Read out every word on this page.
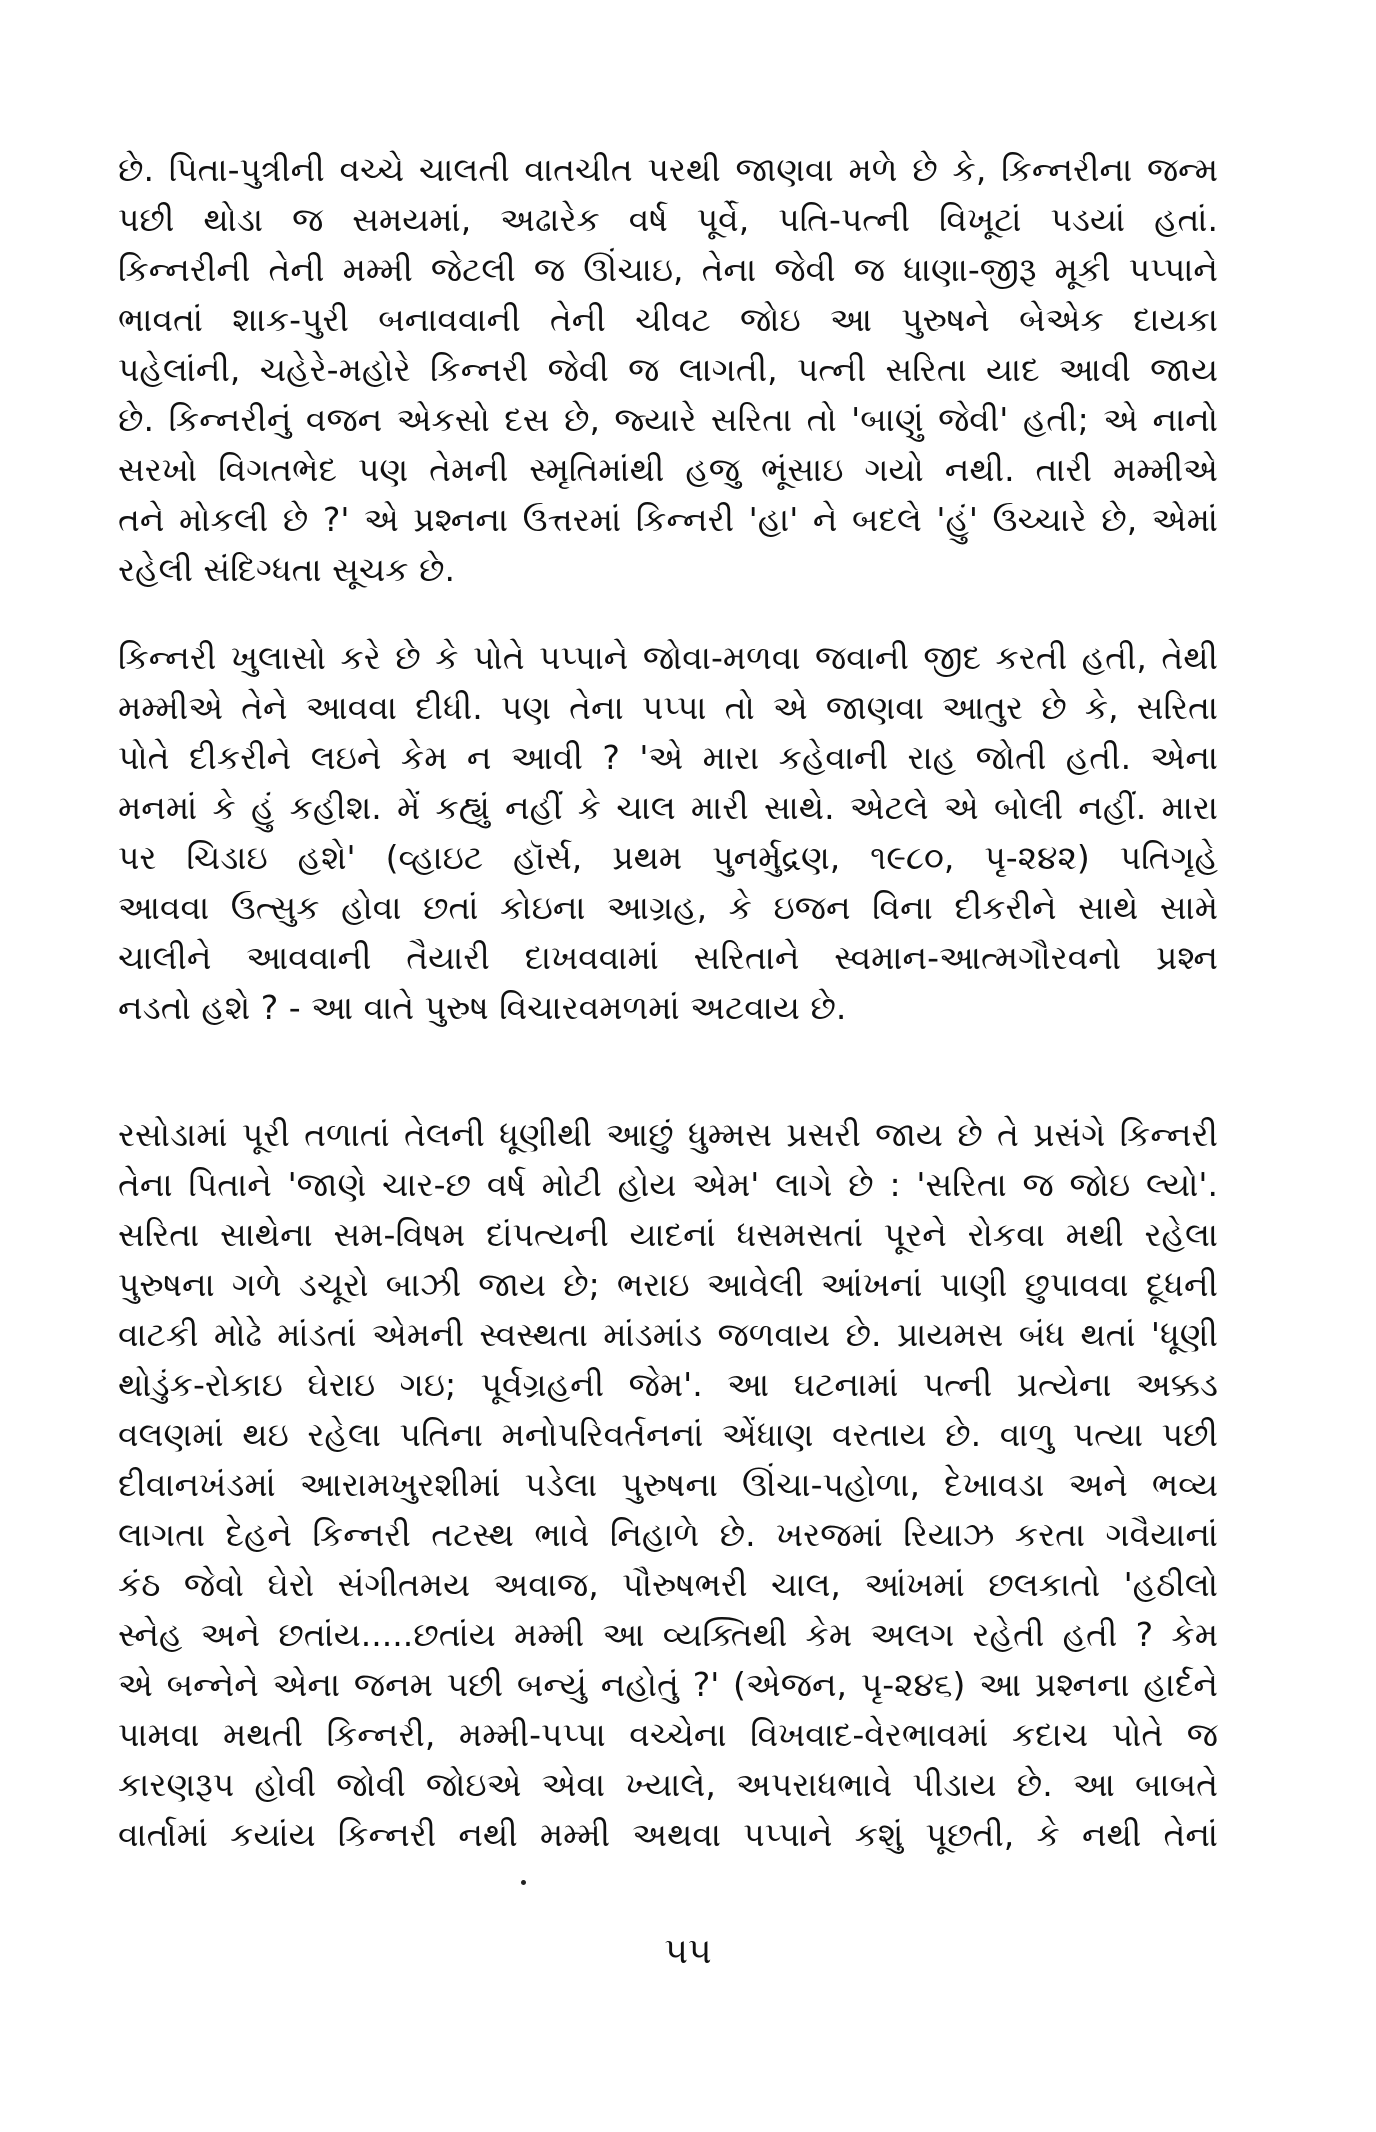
છે. પિતા-પુત્રીની વચ્ચે ચાલતી વાતચીત પરથી જાણવા મળે છે કે, કિન્નરીના જન્મ
પછી થોડા જ સમયમાં, અઢારેક વર્ષ પૂર્વે, પતિ-પત્ની વિખૂટાં પડયાં હતાં.
કિન્નરીની તેની મમ્મી જેટલી જ ઊંચાઇ, તેના જેવી જ ધાણા-જીરૂ મૂકી પપ્પાને
ભાવતાં શાક-પુરી બનાવવાની તેની ચીવટ જોઇ આ પુરુષને બેએક દાયકા
પહેલાંની, ચહેરે-મહોરે કિન્નરી જેવી જ લાગતી, પત્ની સરિતા યાદ આવી જાય
છે. કિન્નરીનું વજન એકસો દસ છે, જ્યારે સરિતા તો 'બાણું જેવી' હતી; એ નાનો
સરખો વિગતભેદ પણ તેમની સ્મૃતિમાંથી હજુ ભૂંસાઇ ગયો નથી. તારી મમ્મીએ
તને મોકલી છે ?' એ પ્રશ્નના ઉત્તરમાં કિન્નરી 'હા' ને બદલે 'હું' ઉચ્ચારે છે, એમાં
રહેલી સંદિગ્ધતા સૂચક છે.
કિન્નરી ખુલાસો કરે છે કે પોતે પપ્પાને જોવા-મળવા જવાની જીદ કરતી હતી, તેથી
મમ્મીએ તેને આવવા દીધી. પણ તેના પપ્પા તો એ જાણવા આતુર છે કે, સરિતા
પોતે દીકરીને લઇને કેમ ન આવી ? 'એ મારા કહેવાની રાહ જોતી હતી. એના
મનમાં કે હું કહીશ. મેં કહ્યું નહીં કે ચાલ મારી સાથે. એટલે એ બોલી નહીં. મારા
પર ચિડાઇ હશે' (વ્હાઇટ હૉર્સ, પ્રથમ પુનર્મુદ્રણ, ૧૯૮૦, પૃ-૨૪૨) પતિગૃહે
આવવા ઉત્સુક હોવા છતાં કોઇના આગ્રહ, કે ઇજન વિના દીકરીને સાથે સામે
ચાલીને આવવાની તૈયારી દાખવવામાં સરિતાને સ્વમાન-આત્મગૌરવનો પ્રશ્ન
નડતો હશે ? - આ વાતે પુરુષ વિચારવમળમાં અટવાય છે.
રસોડામાં પૂરી તળાતાં તેલની ધૂણીથી આછું ધુમ્મસ પ્રસરી જાય છે તે પ્રસંગે કિન્નરી
તેના પિતાને 'જાણે ચાર-છ વર્ષ મોટી હોય એમ' લાગે છે : 'સરિતા જ જોઇ લ્યો'.
સરિતા સાથેના સમ-વિષમ દાંપત્યની યાદનાં ધસમસતાં પૂરને રોકવા મથી રહેલા
પુરુષના ગળે ડચૂરો બાઝી જાય છે; ભરાઇ આવેલી આંખનાં પાણી છુપાવવા દૂધની
વાટકી મોઢે માંડતાં એમની સ્વસ્થતા માંડમાંડ જળવાય છે. પ્રાયમસ બંધ થતાં 'ધૂણી
થોડુંક-રોકાઇ ઘેરાઇ ગઇ; પૂર્વગ્રહની જેમ'. આ ઘટનામાં પત્ની પ્રત્યેના અક્કડ
વલણમાં થઇ રહેલા પતિના મનોપરિવર્તનનાં એંધાણ વરતાય છે. વાળુ પત્યા પછી
દીવાનખંડમાં આરામખુરશીમાં પડેલા પુરુષના ઊંચા-પહોળા, દેખાવડા અને ભવ્ય
લાગતા દેહને કિન્નરી તટસ્થ ભાવે નિહાળે છે. ખરજમાં રિયાઝ કરતા ગવૈયાનાં
કંઠ જેવો ઘેરો સંગીતમય અવાજ, પૌરુષભરી ચાલ, આંખમાં છલકાતો 'હઠીલો
સ્નેહ અને છતાંય.....છતાંય મમ્મી આ વ્યક્તિથી કેમ અલગ રહેતી હતી ? કેમ
એ બન્નેને એના જનમ પછી બન્યું નહોતું ?' (એજન, પૃ-૨૪૬) આ પ્રશ્નના હાર્દને
પામવા મથતી કિન્નરી, મમ્મી-પપ્પા વચ્ચેના વિખવાદ-વેરભાવમાં કદાચ પોતે જ
કારણરૂપ હોવી જોવી જોઇએ એવા ખ્યાલે, અપરાધભાવે પીડાય છે. આ બાબતે
વાર્તામાં કયાંય કિન્નરી નથી મમ્મી અથવા પપ્પાને કશું પૂછતી, કે નથી તેનાં
૫૫
